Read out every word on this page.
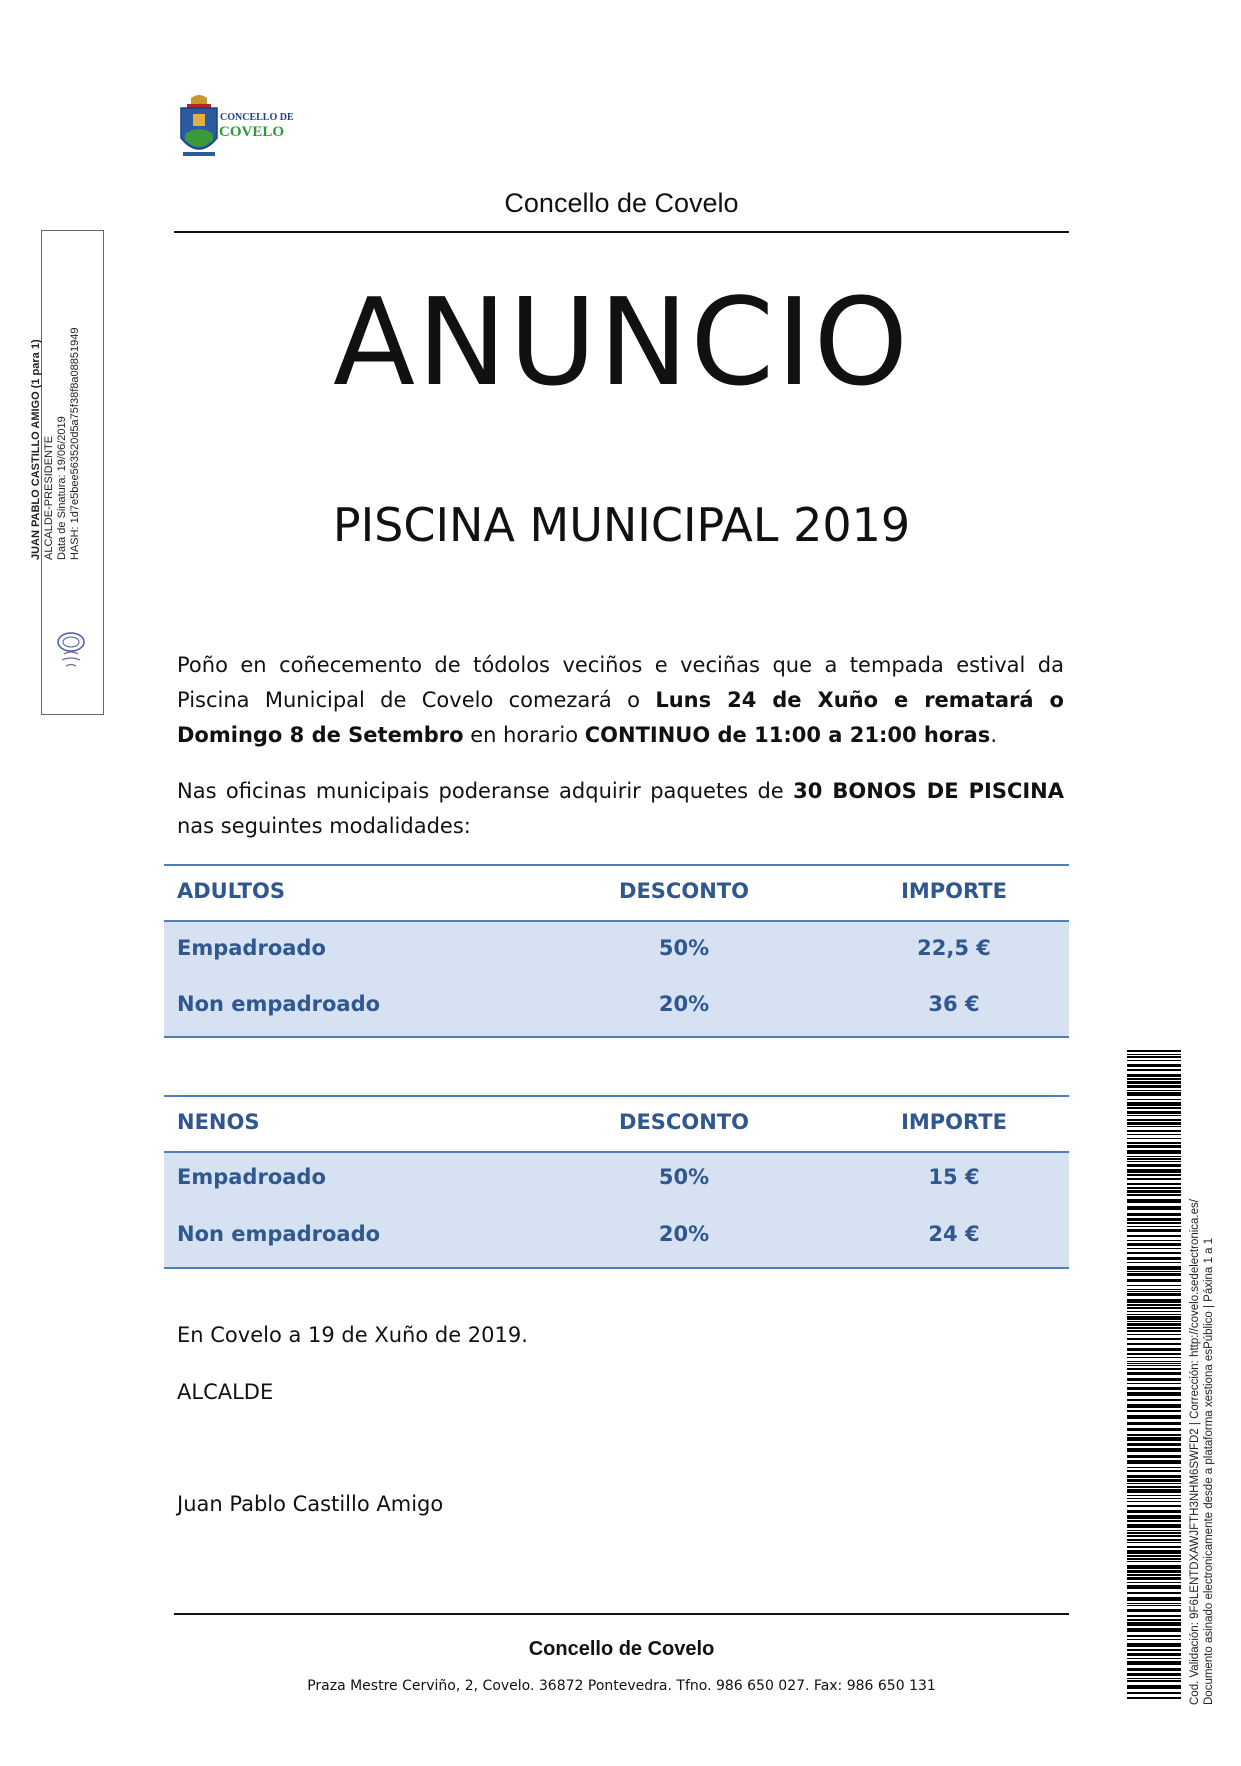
CONCELLO DE
COVELO
Concello de Covelo
ANUNCIO
PISCINA MUNICIPAL 2019
Poño en coñecemento de tódolos veciños e veciñas que a tempada estival da Piscina Municipal de Covelo comezará o Luns 24 de Xuño e rematará o Domingo 8 de Setembro en horario CONTINUO de 11:00 a 21:00 horas.
Nas oficinas municipais poderanse adquirir paquetes de 30 BONOS DE PISCINA nas seguintes modalidades:
ADULTOS	DESCONTO	IMPORTE
Empadroado	50%	22,5 €
Non empadroado	20%	36 €
NENOS	DESCONTO	IMPORTE
Empadroado	50%	15 €
Non empadroado	20%	24 €
En Covelo a 19 de Xuño de 2019.
ALCALDE
Juan Pablo Castillo Amigo
Concello de Covelo
Praza Mestre Cerviño, 2, Covelo. 36872 Pontevedra. Tfno. 986 650 027. Fax: 986 650 131
JUAN PABLO CASTILLO AMIGO (1 para 1) ALCALDE-PRESIDENTE Data de Sinatura: 19/06/2019 HASH: 1d7e5bee563520d5a75f38f8a08851949
Cod. Validación: 9F6LENTDXAWJFTH3NHM6SWFD2 | Corrección: http://covelo.sedelectronica.es/ Documento asinado electronicamente desde a plataforma xestiona esPúblico | Páxina 1 a 1
